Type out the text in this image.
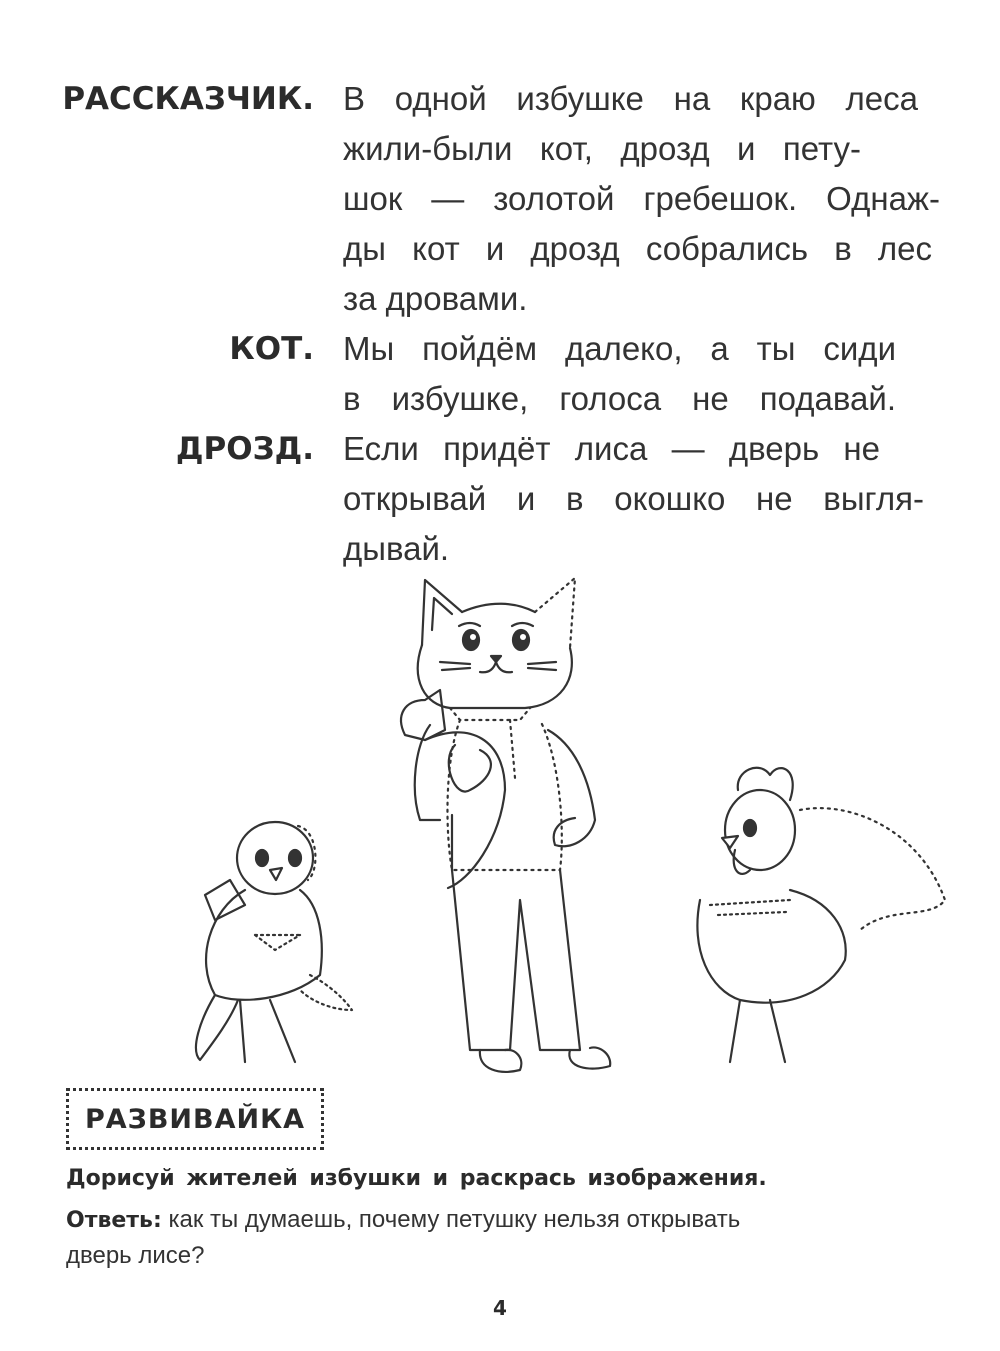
РАССКАЗЧИК. В одной избушке на краю леса
жили-были кот, дрозд и пету-
шок — золотой гребешок. Однаж-
ды кот и дрозд собрались в лес
за дровами.
КОТ. Мы пойдём далеко, а ты сиди
в избушке, голоса не подавай.
ДРОЗД. Если придёт лиса — дверь не
открывай и в окошко не выгля-
дывай.
РАЗВИВАЙКА
Дорисуй жителей избушки и раскрась изображения.
Ответь: как ты думаешь, почему петушку нельзя открывать
дверь лисе?
4
